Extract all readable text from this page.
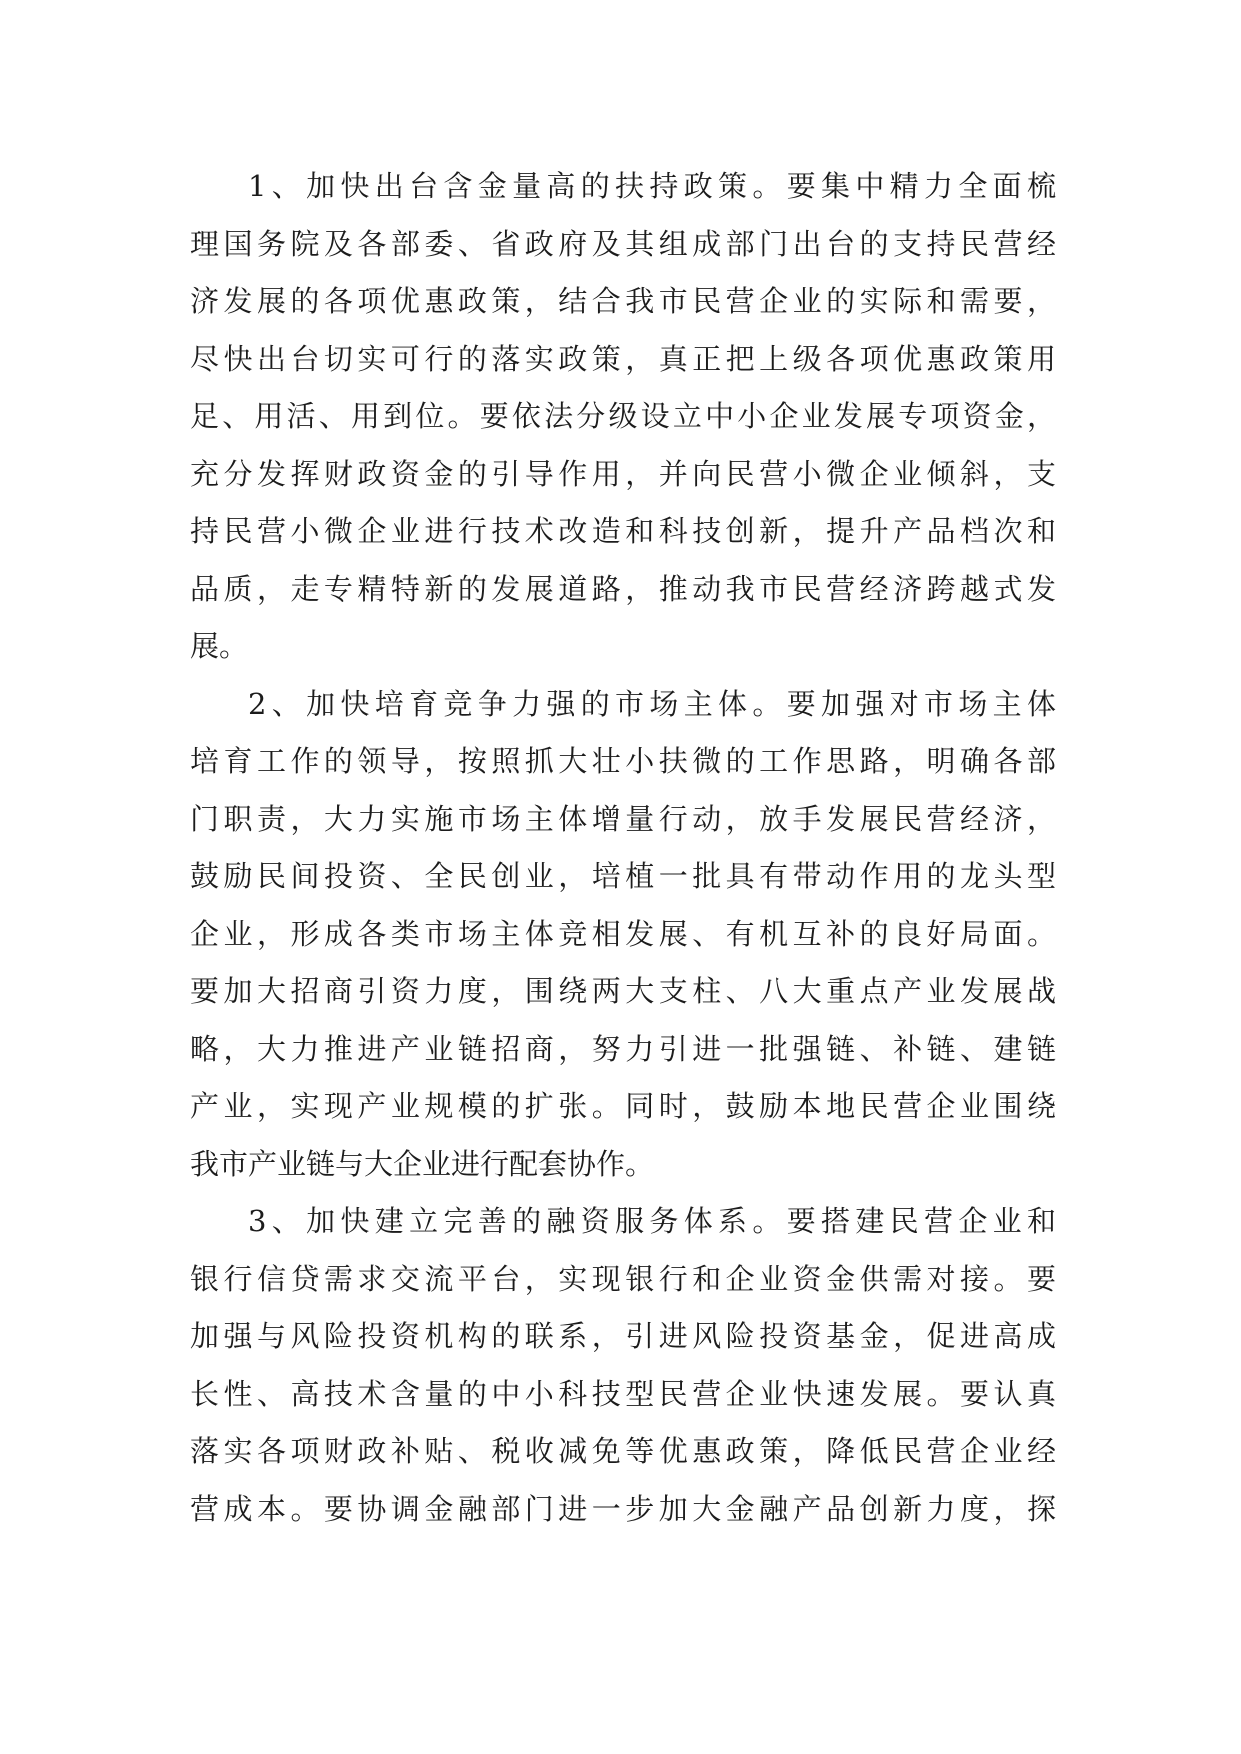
1、加快出台含金量高的扶持政策。要集中精力全面梳
理国务院及各部委、省政府及其组成部门出台的支持民营经
济发展的各项优惠政策，结合我市民营企业的实际和需要，
尽快出台切实可行的落实政策，真正把上级各项优惠政策用
足、用活、用到位。要依法分级设立中小企业发展专项资金，
充分发挥财政资金的引导作用，并向民营小微企业倾斜，支
持民营小微企业进行技术改造和科技创新，提升产品档次和
品质，走专精特新的发展道路，推动我市民营经济跨越式发
展。
2、加快培育竞争力强的市场主体。要加强对市场主体
培育工作的领导，按照抓大壮小扶微的工作思路，明确各部
门职责，大力实施市场主体增量行动，放手发展民营经济，
鼓励民间投资、全民创业，培植一批具有带动作用的龙头型
企业，形成各类市场主体竞相发展、有机互补的良好局面。
要加大招商引资力度，围绕两大支柱、八大重点产业发展战
略，大力推进产业链招商，努力引进一批强链、补链、建链
产业，实现产业规模的扩张。同时，鼓励本地民营企业围绕
我市产业链与大企业进行配套协作。
3、加快建立完善的融资服务体系。要搭建民营企业和
银行信贷需求交流平台，实现银行和企业资金供需对接。要
加强与风险投资机构的联系，引进风险投资基金，促进高成
长性、高技术含量的中小科技型民营企业快速发展。要认真
落实各项财政补贴、税收减免等优惠政策，降低民营企业经
营成本。要协调金融部门进一步加大金融产品创新力度，探
